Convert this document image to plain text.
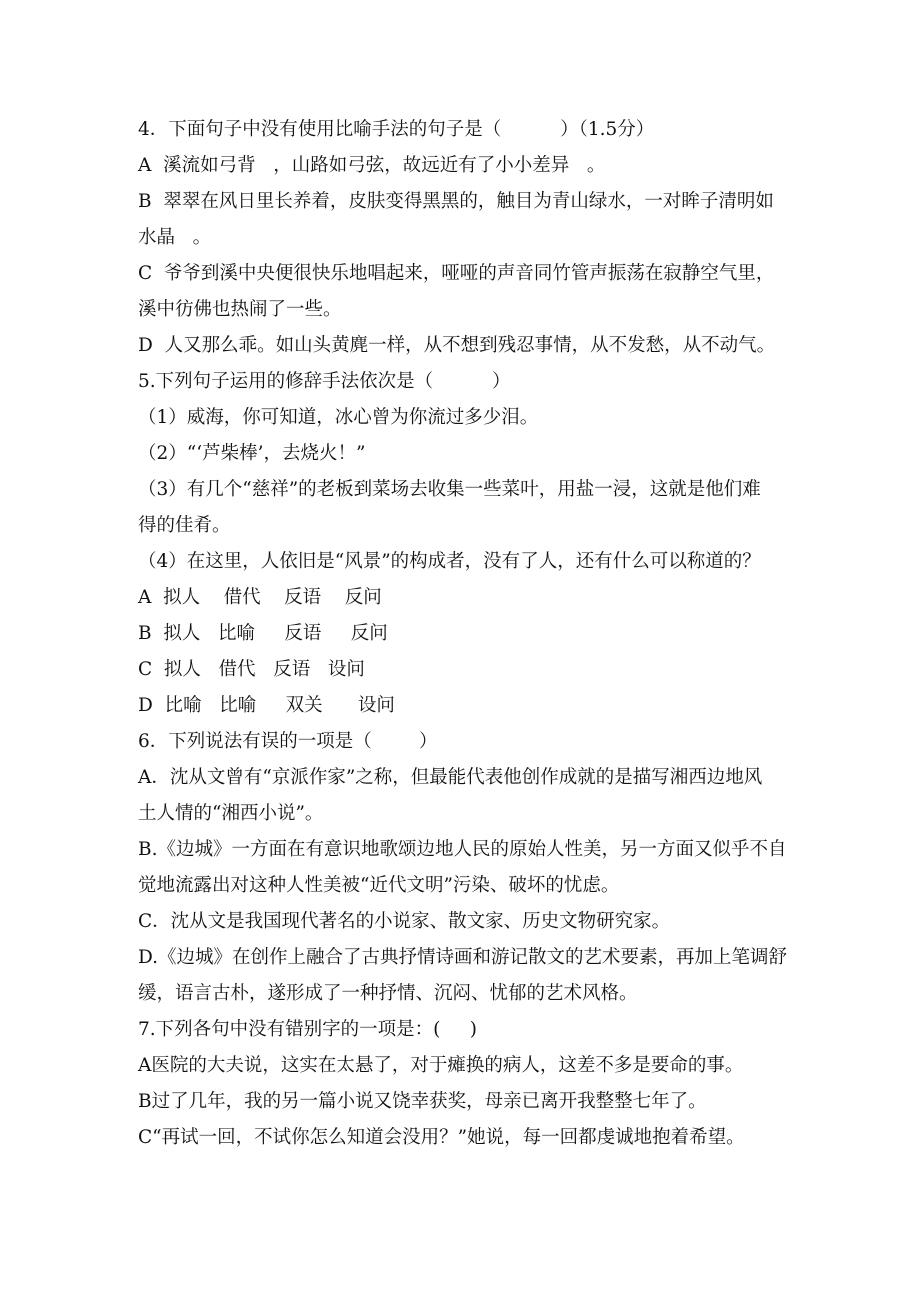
4．下面句子中没有使用比喻手法的句子是（          ）（1.5分）
A  溪流如弓背   ，山路如弓弦，故远近有了小小差异   。
B  翠翠在风日里长养着，皮肤变得黑黑的，触目为青山绿水，一对眸子清明如
水晶   。
C  爷爷到溪中央便很快乐地唱起来，哑哑的声音同竹管声振荡在寂静空气里，
溪中彷佛也热闹了一些。
D  人又那么乖。如山头黄麂一样，从不想到残忍事情，从不发愁，从不动气。
5.下列句子运用的修辞手法依次是（          ）
（1）威海，你可知道，冰心曾为你流过多少泪。
（2）“‘芦柴棒’，去烧火！”
（3）有几个“慈祥”的老板到菜场去收集一些菜叶，用盐一浸，这就是他们难
得的佳肴。
（4）在这里，人依旧是“风景”的构成者，没有了人，还有什么可以称道的？
A  拟人    借代    反语    反问
B  拟人   比喻     反语     反问
C  拟人   借代   反语   设问
D  比喻   比喻     双关      设问
6．下列说法有误的一项是（        ）
A．沈从文曾有“京派作家”之称，但最能代表他创作成就的是描写湘西边地风
土人情的“湘西小说”。
B.《边城》一方面在有意识地歌颂边地人民的原始人性美，另一方面又似乎不自
觉地流露出对这种人性美被“近代文明”污染、破坏的忧虑。
C．沈从文是我国现代著名的小说家、散文家、历史文物研究家。
D.《边城》在创作上融合了古典抒情诗画和游记散文的艺术要素，再加上笔调舒
缓，语言古朴，遂形成了一种抒情、沉闷、忧郁的艺术风格。
7.下列各句中没有错别字的一项是：(     )
A医院的大夫说，这实在太悬了，对于瘫换的病人，这差不多是要命的事。
B过了几年，我的另一篇小说又饶幸获奖，母亲已离开我整整七年了。
C“再试一回，不试你怎么知道会没用？”她说，每一回都虔诚地抱着希望。
